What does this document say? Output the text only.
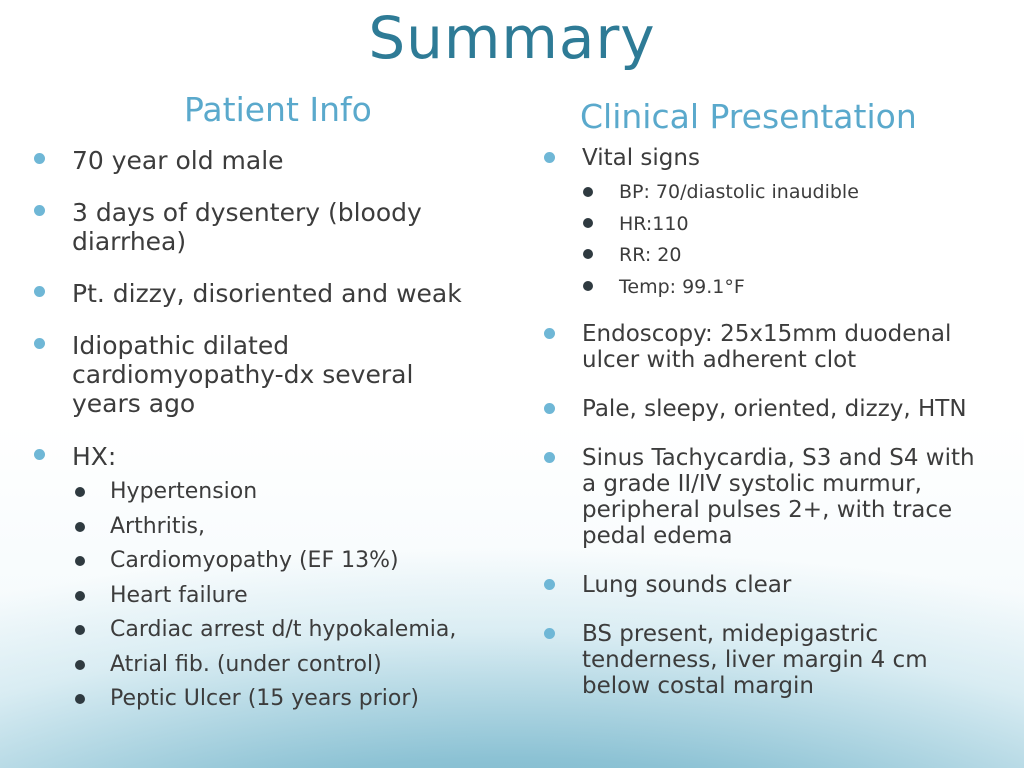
Summary
Patient Info	Clinical Presentation
70 year old male
3 days of dysentery (bloody
diarrhea)
Pt. dizzy, disoriented and weak
Idiopathic dilated
cardiomyopathy-dx several
years ago
HX:
Hypertension
Arthritis,
Cardiomyopathy (EF 13%)
Heart failure
Cardiac arrest d/t hypokalemia,
Atrial fib. (under control)
Peptic Ulcer (15 years prior)
Vital signs
BP: 70/diastolic inaudible
HR:110
RR: 20
Temp: 99.1°F
Endoscopy: 25x15mm duodenal
ulcer with adherent clot
Pale, sleepy, oriented, dizzy, HTN
Sinus Tachycardia, S3 and S4 with
a grade II/IV systolic murmur,
peripheral pulses 2+, with trace
pedal edema
Lung sounds clear
BS present, midepigastric
tenderness, liver margin 4 cm
below costal margin
